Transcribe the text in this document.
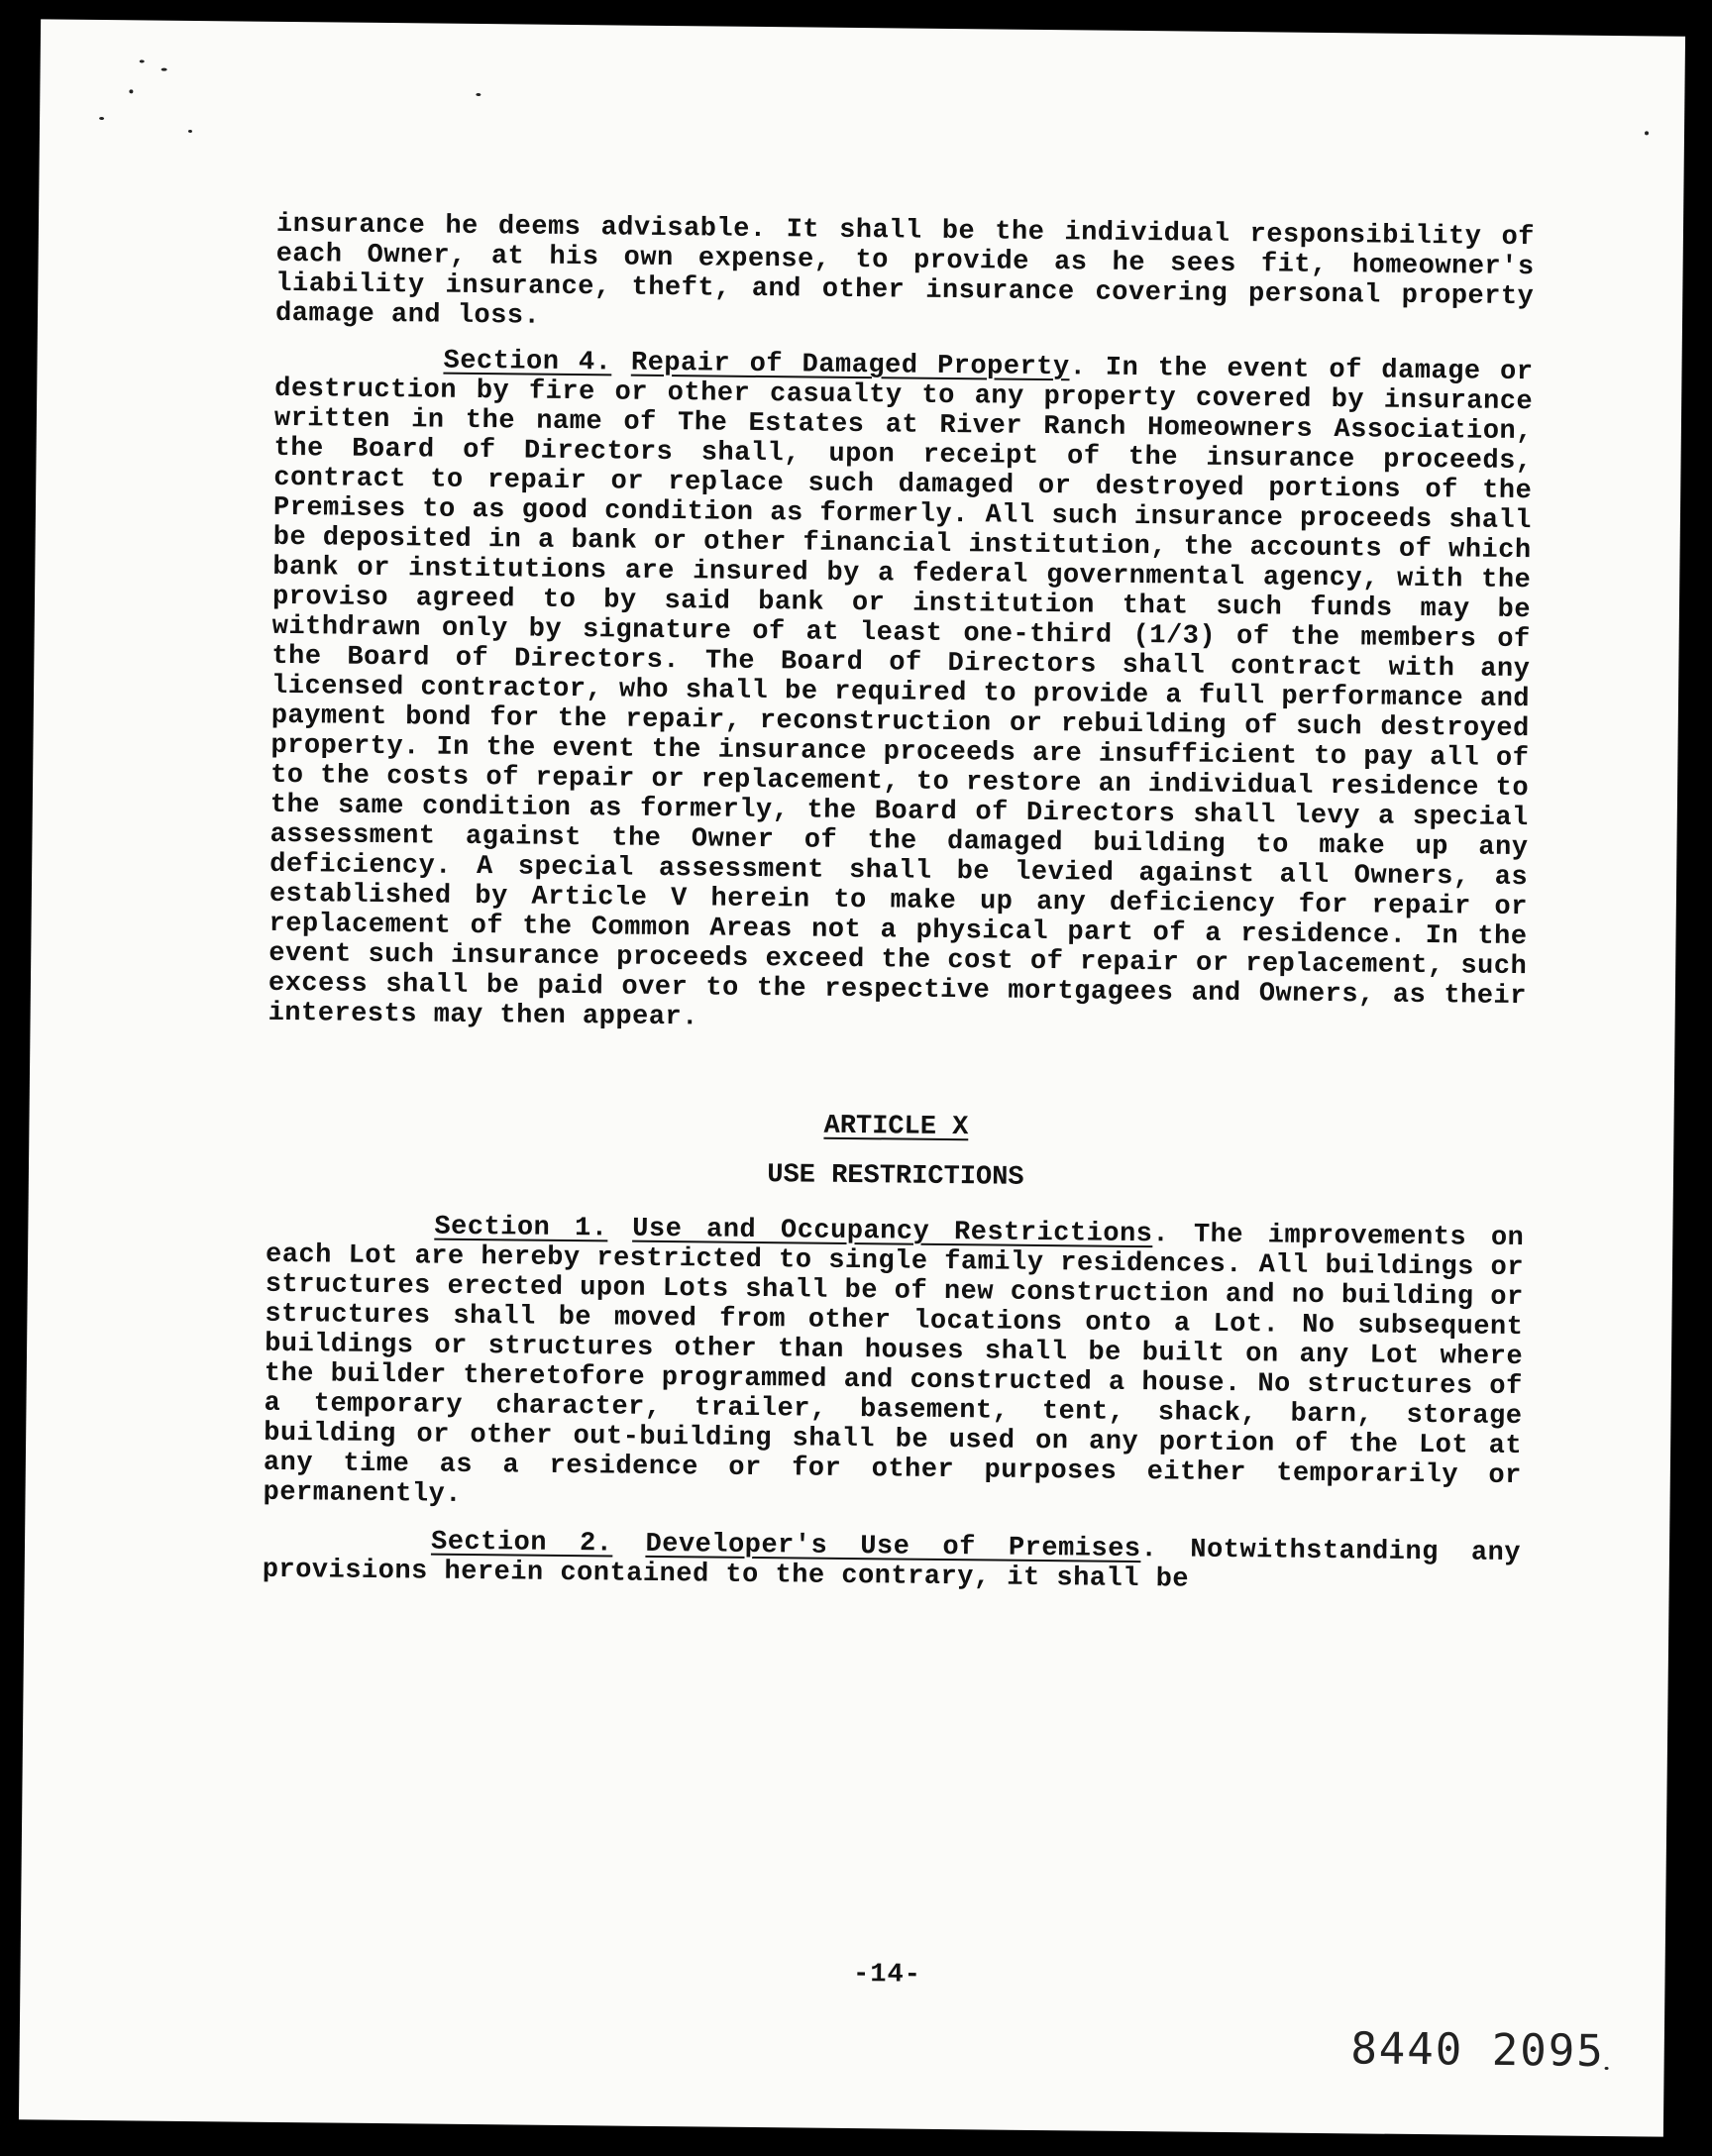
insurance he deems advisable. It shall be the individual responsibility of each Owner, at his own expense, to provide as he sees fit, homeowner's liability insurance, theft, and other insurance covering personal property damage and loss.

Section 4. Repair of Damaged Property. In the event of damage or destruction by fire or other casualty to any property covered by insurance written in the name of The Estates at River Ranch Homeowners Association, the Board of Directors shall, upon receipt of the insurance proceeds, contract to repair or replace such damaged or destroyed portions of the Premises to as good condition as formerly. All such insurance proceeds shall be deposited in a bank or other financial institution, the accounts of which bank or institutions are insured by a federal governmental agency, with the proviso agreed to by said bank or institution that such funds may be withdrawn only by signature of at least one-third (1/3) of the members of the Board of Directors. The Board of Directors shall contract with any licensed contractor, who shall be required to provide a full performance and payment bond for the repair, reconstruction or rebuilding of such destroyed property. In the event the insurance proceeds are insufficient to pay all of to the costs of repair or replacement, to restore an individual residence to the same condition as formerly, the Board of Directors shall levy a special assessment against the Owner of the damaged building to make up any deficiency. A special assessment shall be levied against all Owners, as established by Article V herein to make up any deficiency for repair or replacement of the Common Areas not a physical part of a residence. In the event such insurance proceeds exceed the cost of repair or replacement, such excess shall be paid over to the respective mortgagees and Owners, as their interests may then appear.

ARTICLE X
USE RESTRICTIONS

Section 1. Use and Occupancy Restrictions. The improvements on each Lot are hereby restricted to single family residences. All buildings or structures erected upon Lots shall be of new construction and no building or structures shall be moved from other locations onto a Lot. No subsequent buildings or structures other than houses shall be built on any Lot where the builder theretofore programmed and constructed a house. No structures of a temporary character, trailer, basement, tent, shack, barn, storage building or other out-building shall be used on any portion of the Lot at any time as a residence or for other purposes either temporarily or permanently.

Section 2. Developer's Use of Premises. Notwithstanding any provisions herein contained to the contrary, it shall be

-14-
8440 2095
